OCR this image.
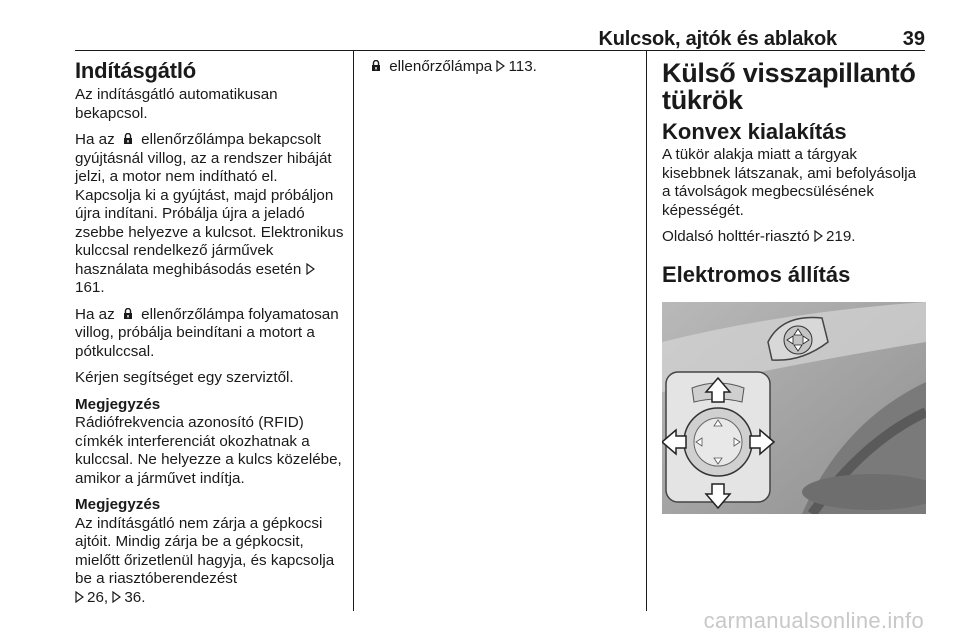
Kulcsok, ajtók és ablakok	39
Indításgátló

Az indításgátló automatikusan bekapcsol.

Ha az ellenőrzőlámpa bekapcsolt gyújtásnál villog, az a rendszer hibáját jelzi, a motor nem indítható el. Kapcsolja ki a gyújtást, majd próbáljon újra indítani. Próbálja újra a jeladó zsebbe helyezve a kulcsot. Elektronikus kulccsal rendelkező járművek használata meghibásodás esetén 161.

Ha az ellenőrzőlámpa folyamatosan villog, próbálja beindítani a motort a pótkulccsal.

Kérjen segítséget egy szerviztől.

Megjegyzés
Rádiófrekvencia azonosító (RFID) címkék interferenciát okozhatnak a kulccsal. Ne helyezze a kulcs közelébe, amikor a járművet indítja.

Megjegyzés
Az indításgátló nem zárja a gépkocsi ajtóit. Mindig zárja be a gépkocsit, mielőtt őrizetlenül hagyja, és kapcsolja be a riasztóberendezést
26, 36.

ellenőrzőlámpa 113.	Külső visszapillantó tükrök
Konvex kialakítás

A tükör alakja miatt a tárgyak kisebbnek látszanak, ami befolyásolja a távolságok megbecsülésének képességét.

Oldalsó holttér-riasztó 219.

Elektromos állítás
carmanualsonline.info
